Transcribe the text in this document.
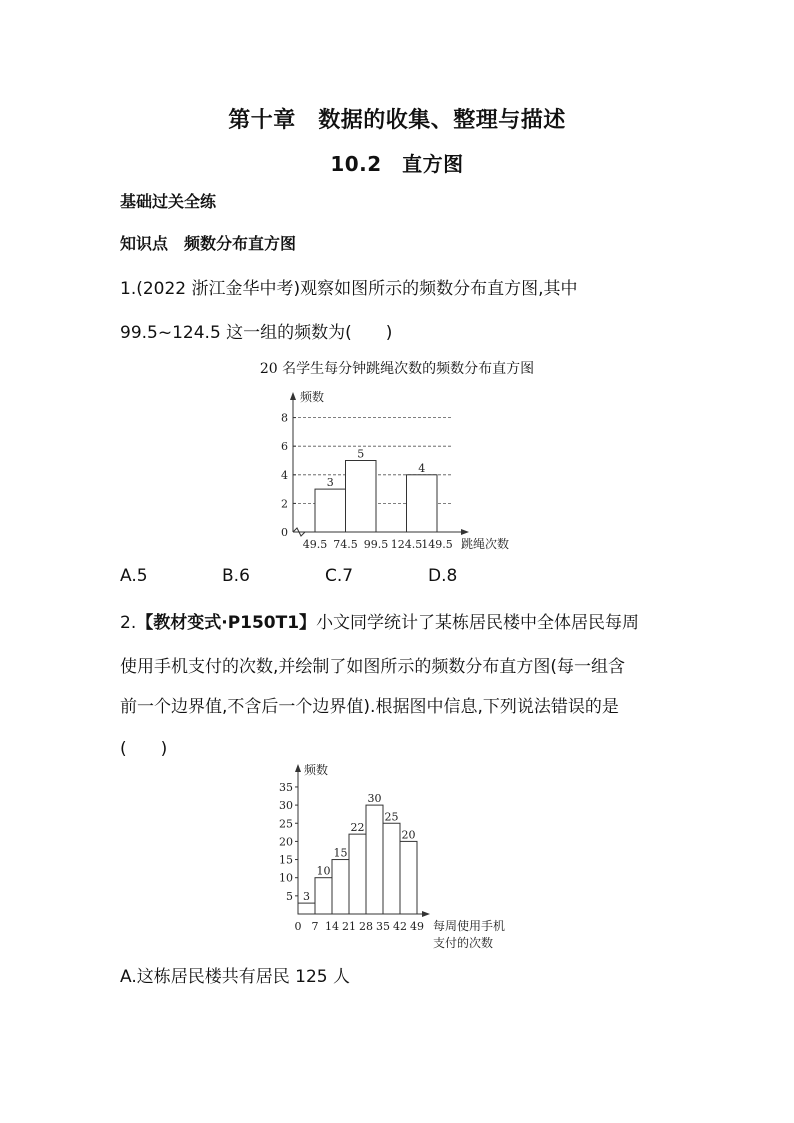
第十章　数据的收集、整理与描述
10.2　直方图
基础过关全练
知识点　频数分布直方图
1.(2022 浙江金华中考)观察如图所示的频数分布直方图,其中
99.5~124.5 这一组的频数为(　　)
20 名学生每分钟跳绳次数的频数分布直方图
0
2
4
6
8
3
5
4
49.5 74.5 99.5 124.5 149.5
频数
跳绳次数
A.5	B.6	C.7	D.8
2.【教材变式·P150T1】小文同学统计了某栋居民楼中全体居民每周
使用手机支付的次数,并绘制了如图所示的频数分布直方图(每一组含
前一个边界值,不含后一个边界值).根据图中信息,下列说法错误的是
(　　)
5
10
15
20
25
30
35
3
10
15
22
30
25
20
0 7 14 21 28 35 42 49
频数
每周使用手机
支付的次数
A.这栋居民楼共有居民 125 人
